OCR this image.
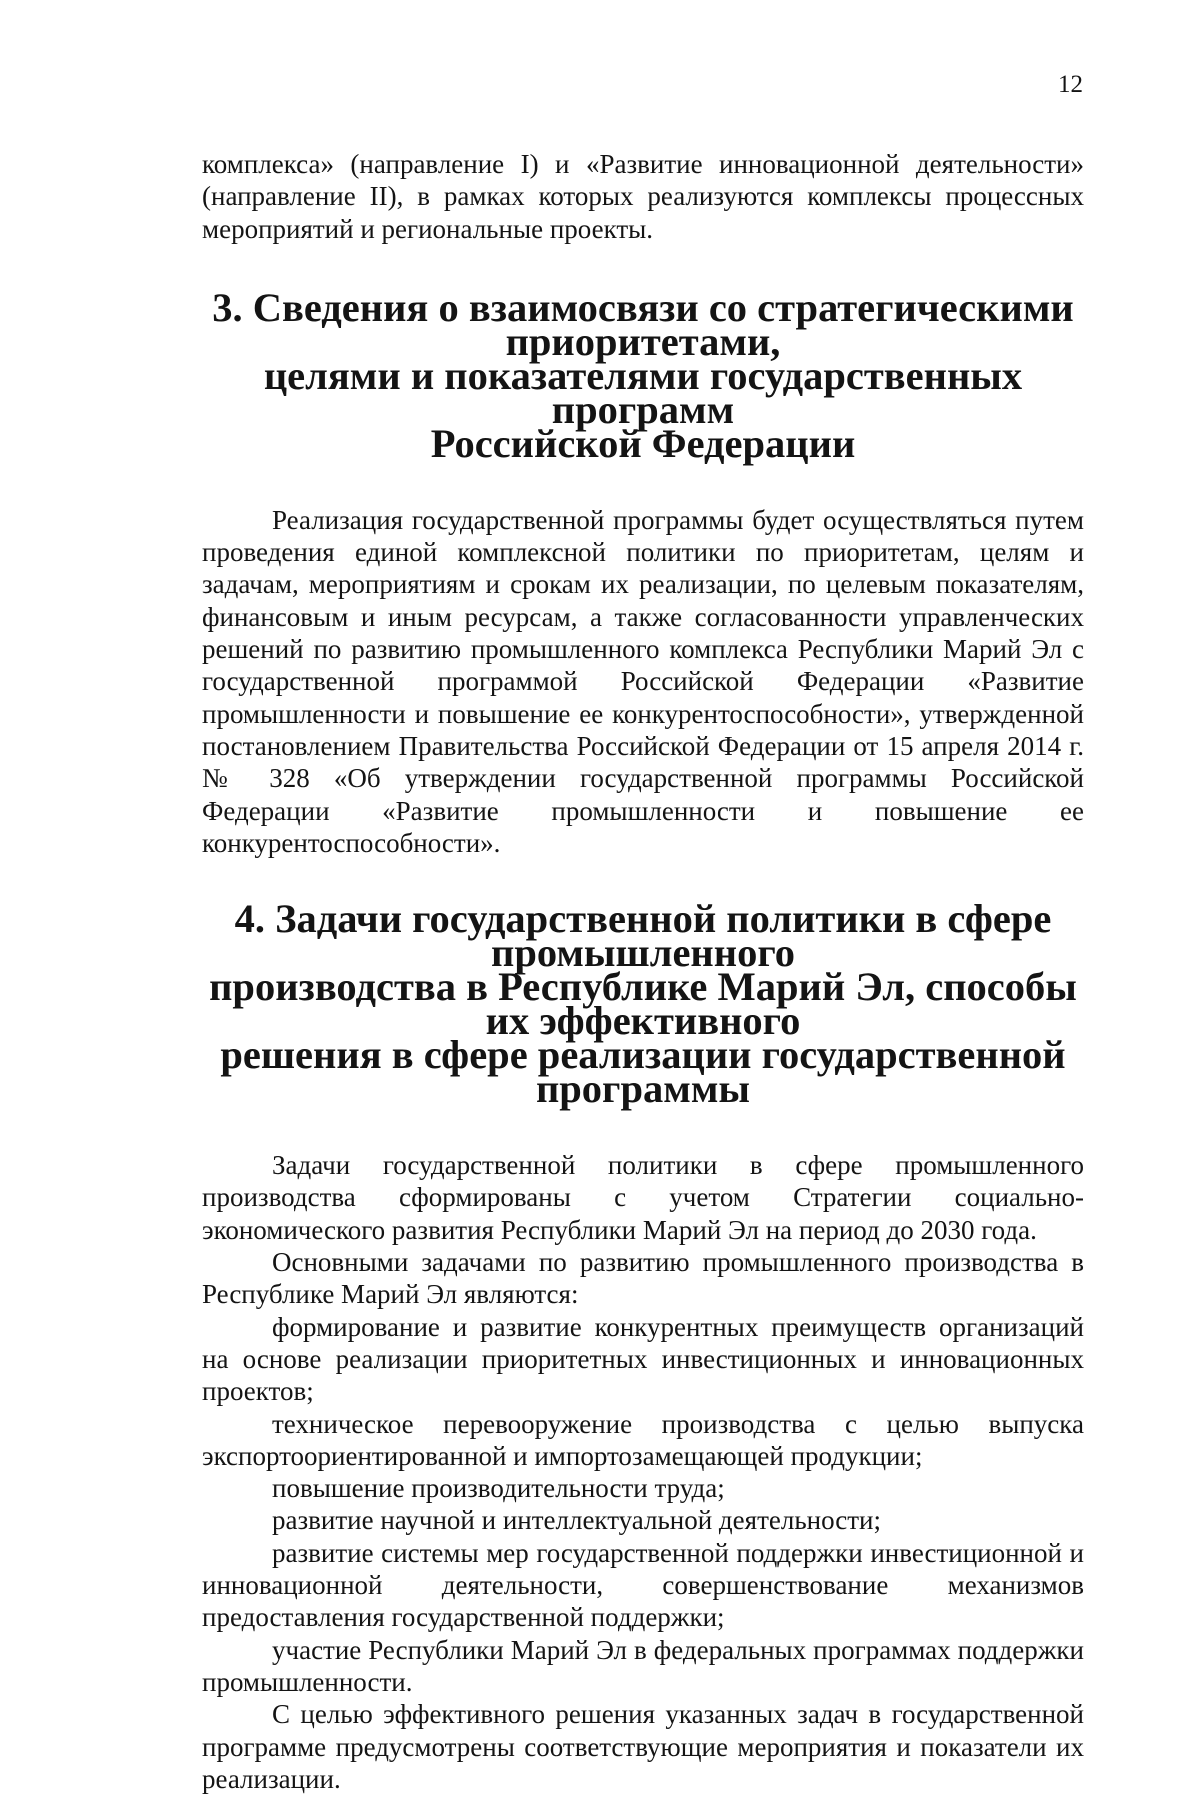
12

комплекса» (направление I) и «Развитие инновационной деятельности» (направление II), в рамках которых реализуются комплексы процессных мероприятий и региональные проекты.

3. Сведения о взаимосвязи со стратегическими приоритетами,
целями и показателями государственных программ
Российской Федерации

Реализация государственной программы будет осуществляться путем проведения единой комплексной политики по приоритетам, целям и задачам, мероприятиям и срокам их реализации, по целевым показателям, финансовым и иным ресурсам, а также согласованности управленческих решений по развитию промышленного комплекса Республики Марий Эл с государственной программой Российской Федерации «Развитие промышленности и повышение ее конкурентоспособности», утвержденной постановлением Правительства Российской Федерации от 15 апреля 2014 г. № 328 «Об утверждении государственной программы Российской Федерации «Развитие промышленности и повышение ее конкурентоспособности».

4. Задачи государственной политики в сфере промышленного
производства в Республике Марий Эл, способы их эффективного
решения в сфере реализации государственной программы

Задачи государственной политики в сфере промышленного производства сформированы с учетом Стратегии социально-экономического развития Республики Марий Эл на период до 2030 года.

Основными задачами по развитию промышленного производства в Республике Марий Эл являются:

формирование и развитие конкурентных преимуществ организаций на основе реализации приоритетных инвестиционных и инновационных проектов;

техническое перевооружение производства с целью выпуска экспортоориентированной и импортозамещающей продукции;

повышение производительности труда;

развитие научной и интеллектуальной деятельности;

развитие системы мер государственной поддержки инвестиционной и инновационной деятельности, совершенствование механизмов предоставления государственной поддержки;

участие Республики Марий Эл в федеральных программах поддержки промышленности.

С целью эффективного решения указанных задач в государственной программе предусмотрены соответствующие мероприятия и показатели их реализации.
